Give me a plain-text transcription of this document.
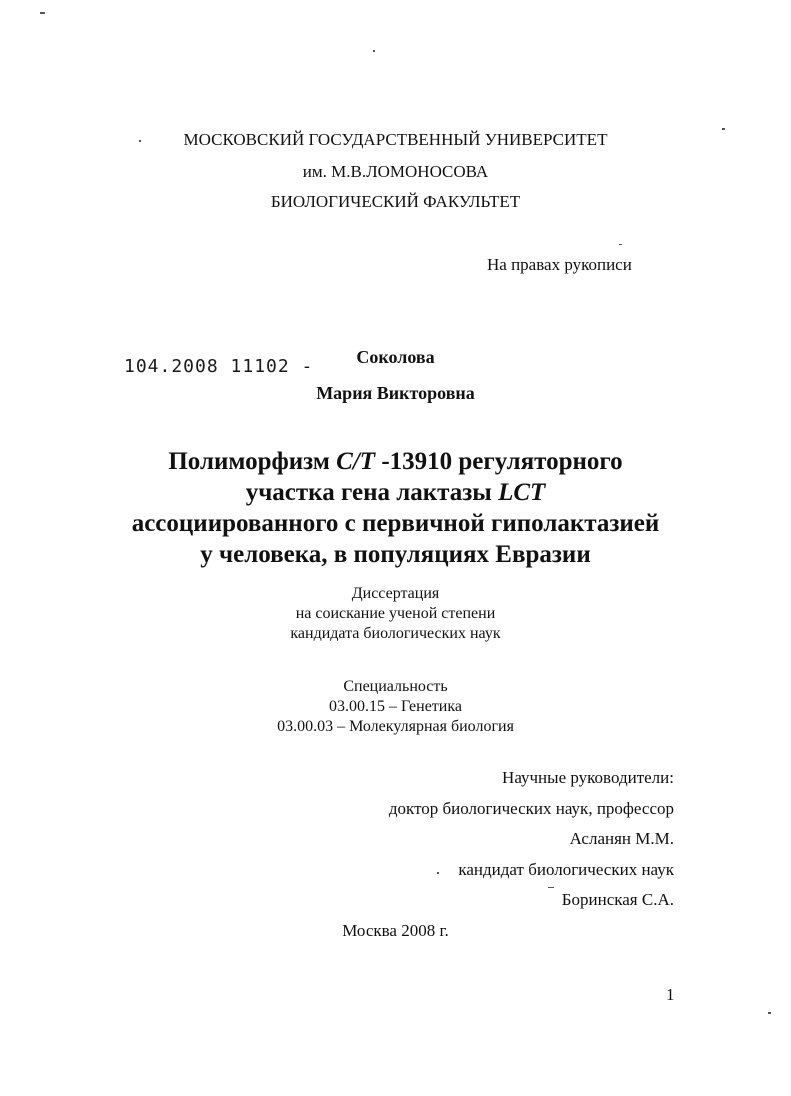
МОСКОВСКИЙ ГОСУДАРСТВЕННЫЙ УНИВЕРСИТЕТ
им. М.В.ЛОМОНОСОВА
БИОЛОГИЧЕСКИЙ ФАКУЛЬТЕТ
На правах рукописи
104.2008 11102 -	Соколова
Мария Викторовна
Полиморфизм C/T -13910 регуляторного
участка гена лактазы LCT
ассоциированного с первичной гиполактазией
у человека, в популяциях Евразии
Диссертация
на соискание ученой степени
кандидата биологических наук
Специальность
03.00.15 – Генетика
03.00.03 – Молекулярная биология
Научные руководители:
доктор биологических наук, профессор
Асланян М.М.
кандидат биологических наук
Боринская С.А.
Москва 2008 г.
1
